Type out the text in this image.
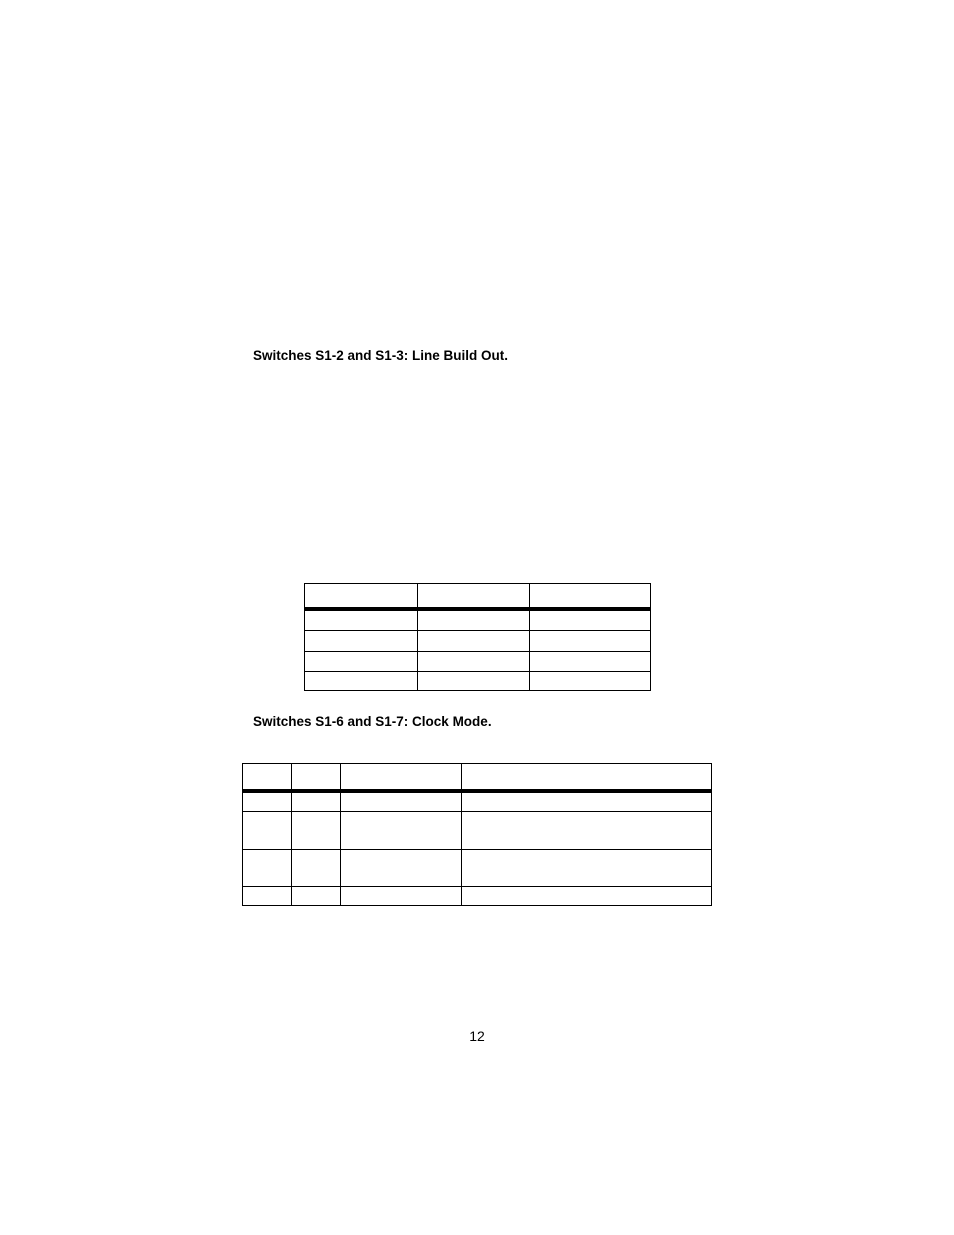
Switches S1-2 and S1-3: Line Build Out.
Switches S1-6 and S1-7: Clock Mode.
12
